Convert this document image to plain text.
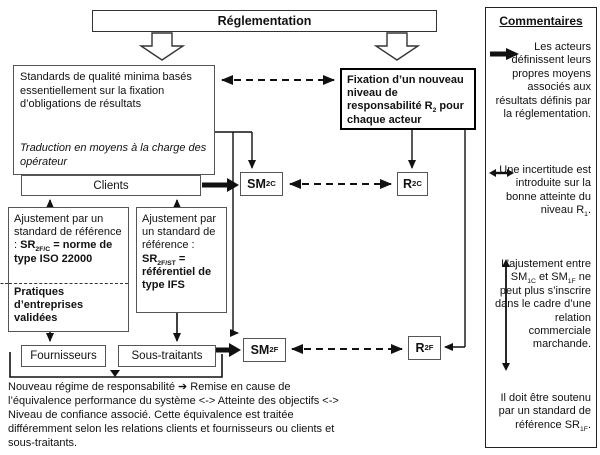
Réglementation
Standards de qualité minima basés essentiellement sur la fixation d’obligations de résultats
Traduction en moyens à la charge des opérateur
Fixation d’un nouveau niveau de responsabilité $R_2$ pour chaque acteur
Clients	SM 2C	R 2C
SM 2F	R 2F
Ajustement par un standard de référence : $SR_{2F/C}$ = norme de type ISO 22000
Pratiques d’entreprises validées
Ajustement par un standard de référence : $SR_{2F/ST}$ = référentiel de type IFS
Fournisseurs	Sous-traitants
Nouveau régime de responsabilité ➔ Remise en cause de l’équivalence performance du système <-> Atteinte des objectifs <-> Niveau de confiance associé. Cette équivalence est traitée différemment selon les relations clients et fournisseurs ou clients et sous-traitants.
Commentaires

Les acteurs définissent leurs propres moyens associés aux résultats définis par la réglementation.

Une incertitude est introduite sur la bonne atteinte du niveau $R_1$.

L’ajustement entre $SM_{1C}$ et $SM_{1F}$ ne peut plus s’inscrire dans le cadre d’une relation commerciale marchande.

Il doit être soutenu par un standard de référence $SR_{1F}$.
